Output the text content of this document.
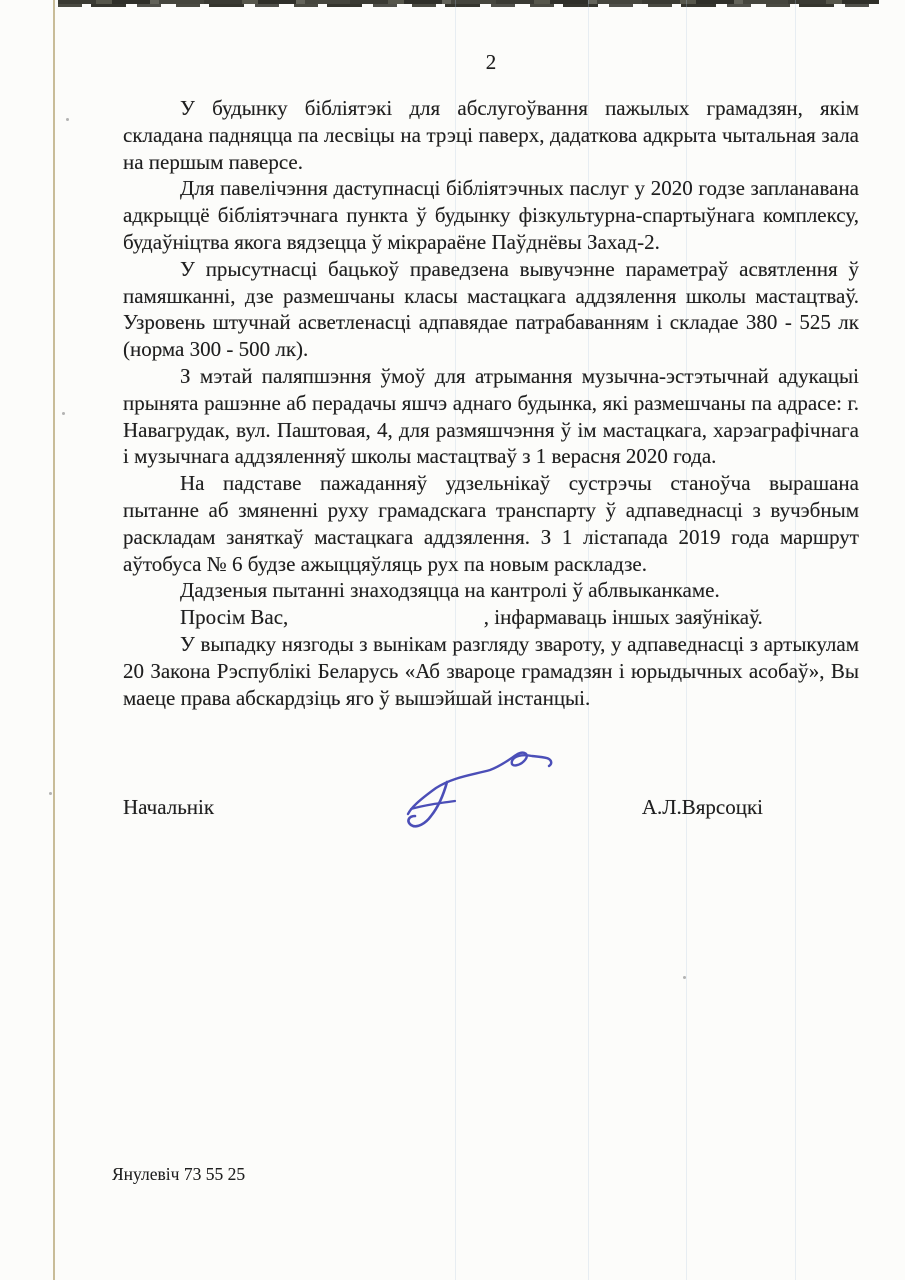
2

У будынку бібліятэкі для абслугоўвання пажылых грамадзян, якім складана падняцца па лесвіцы на трэці паверх, дадаткова адкрыта чытальная зала на першым паверсе.

Для павелічэння даступнасці бібліятэчных паслуг у 2020 годзе запланавана адкрыццё бібліятэчнага пункта ў будынку фізкультурна-спартыўнага комплексу, будаўніцтва якога вядзецца ў мікрараёне Паўднёвы Захад-2.

У прысутнасці бацькоў праведзена вывучэнне параметраў асвятлення ў памяшканні, дзе размешчаны класы мастацкага аддзялення школы мастацтваў. Узровень штучнай асветленасці адпавядае патрабаванням і складае 380 - 525 лк (норма 300 - 500 лк).

З мэтай паляпшэння ўмоў для атрымання музычна-эстэтычнай адукацыі прынята рашэнне аб перадачы яшчэ аднаго будынка, які размешчаны па адрасе: г. Навагрудак, вул. Паштовая, 4, для размяшчэння ў ім мастацкага, харэаграфічнага і музычнага аддзяленняў школы мастацтваў з 1 верасня 2020 года.

На падставе пажаданняў удзельнікаў сустрэчы станоўча вырашана пытанне аб змяненні руху грамадскага транспарту ў адпаведнасці з вучэбным раскладам заняткаў мастацкага аддзялення. З 1 лістапада 2019 года маршрут аўтобуса № 6 будзе ажыццяўляць рух па новым раскладзе.

Дадзеныя пытанні знаходзяцца на кантролі ў аблвыканкаме.

Просім Вас,	, інфармаваць іншых заяўнікаў.

У выпадку нязгоды з вынікам разгляду звароту, у адпаведнасці з артыкулам 20 Закона Рэспублікі Беларусь «Аб звароце грамадзян і юрыдычных асобаў», Вы маеце права абскардзіць яго ў вышэйшай інстанцыі.

Начальнік	А.Л.Вярсоцкі
Янулевіч 73 55 25
